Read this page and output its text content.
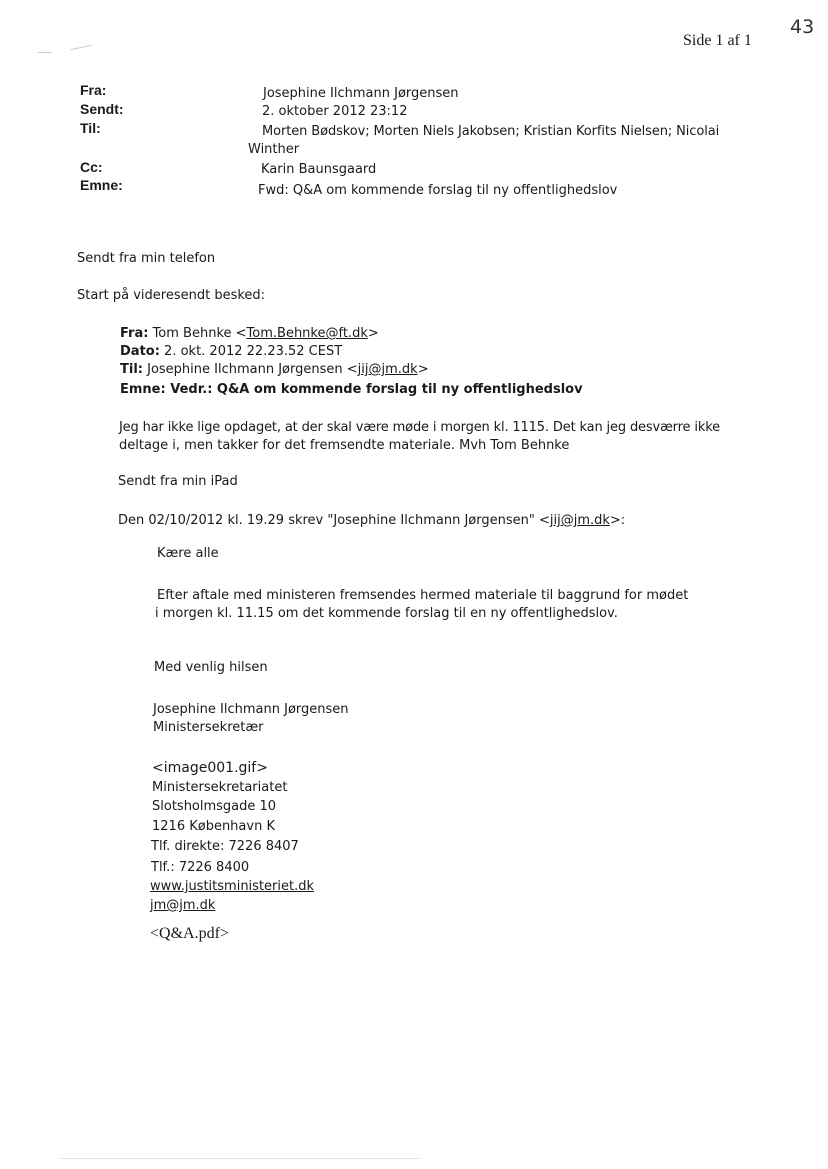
Side 1 af 1
43
Fra:	Josephine Ilchmann Jørgensen
Sendt:	2. oktober 2012 23:12
Til:	Morten Bødskov; Morten Niels Jakobsen; Kristian Korfits Nielsen; Nicolai
Winther
Cc:	Karin Baunsgaard
Emne:	Fwd: Q&A om kommende forslag til ny offentlighedslov
Sendt fra min telefon
Start på videresendt besked:
Fra: Tom Behnke <Tom.Behnke@ft.dk>
Dato: 2. okt. 2012 22.23.52 CEST
Til: Josephine Ilchmann Jørgensen <jij@jm.dk>
Emne: Vedr.: Q&A om kommende forslag til ny offentlighedslov
Jeg har ikke lige opdaget, at der skal være møde i morgen kl. 1115. Det kan jeg desværre ikke
deltage i, men takker for det fremsendte materiale. Mvh Tom Behnke
Sendt fra min iPad
Den 02/10/2012 kl. 19.29 skrev "Josephine Ilchmann Jørgensen" <jij@jm.dk>:
Kære alle
Efter aftale med ministeren fremsendes hermed materiale til baggrund for mødet
i morgen kl. 11.15 om det kommende forslag til en ny offentlighedslov.
Med venlig hilsen
Josephine Ilchmann Jørgensen
Ministersekretær
<image001.gif>
Ministersekretariatet
Slotsholmsgade 10
1216 København K
Tlf. direkte: 7226 8407
Tlf.: 7226 8400
www.justitsministeriet.dk
jm@jm.dk
<Q&A.pdf>
